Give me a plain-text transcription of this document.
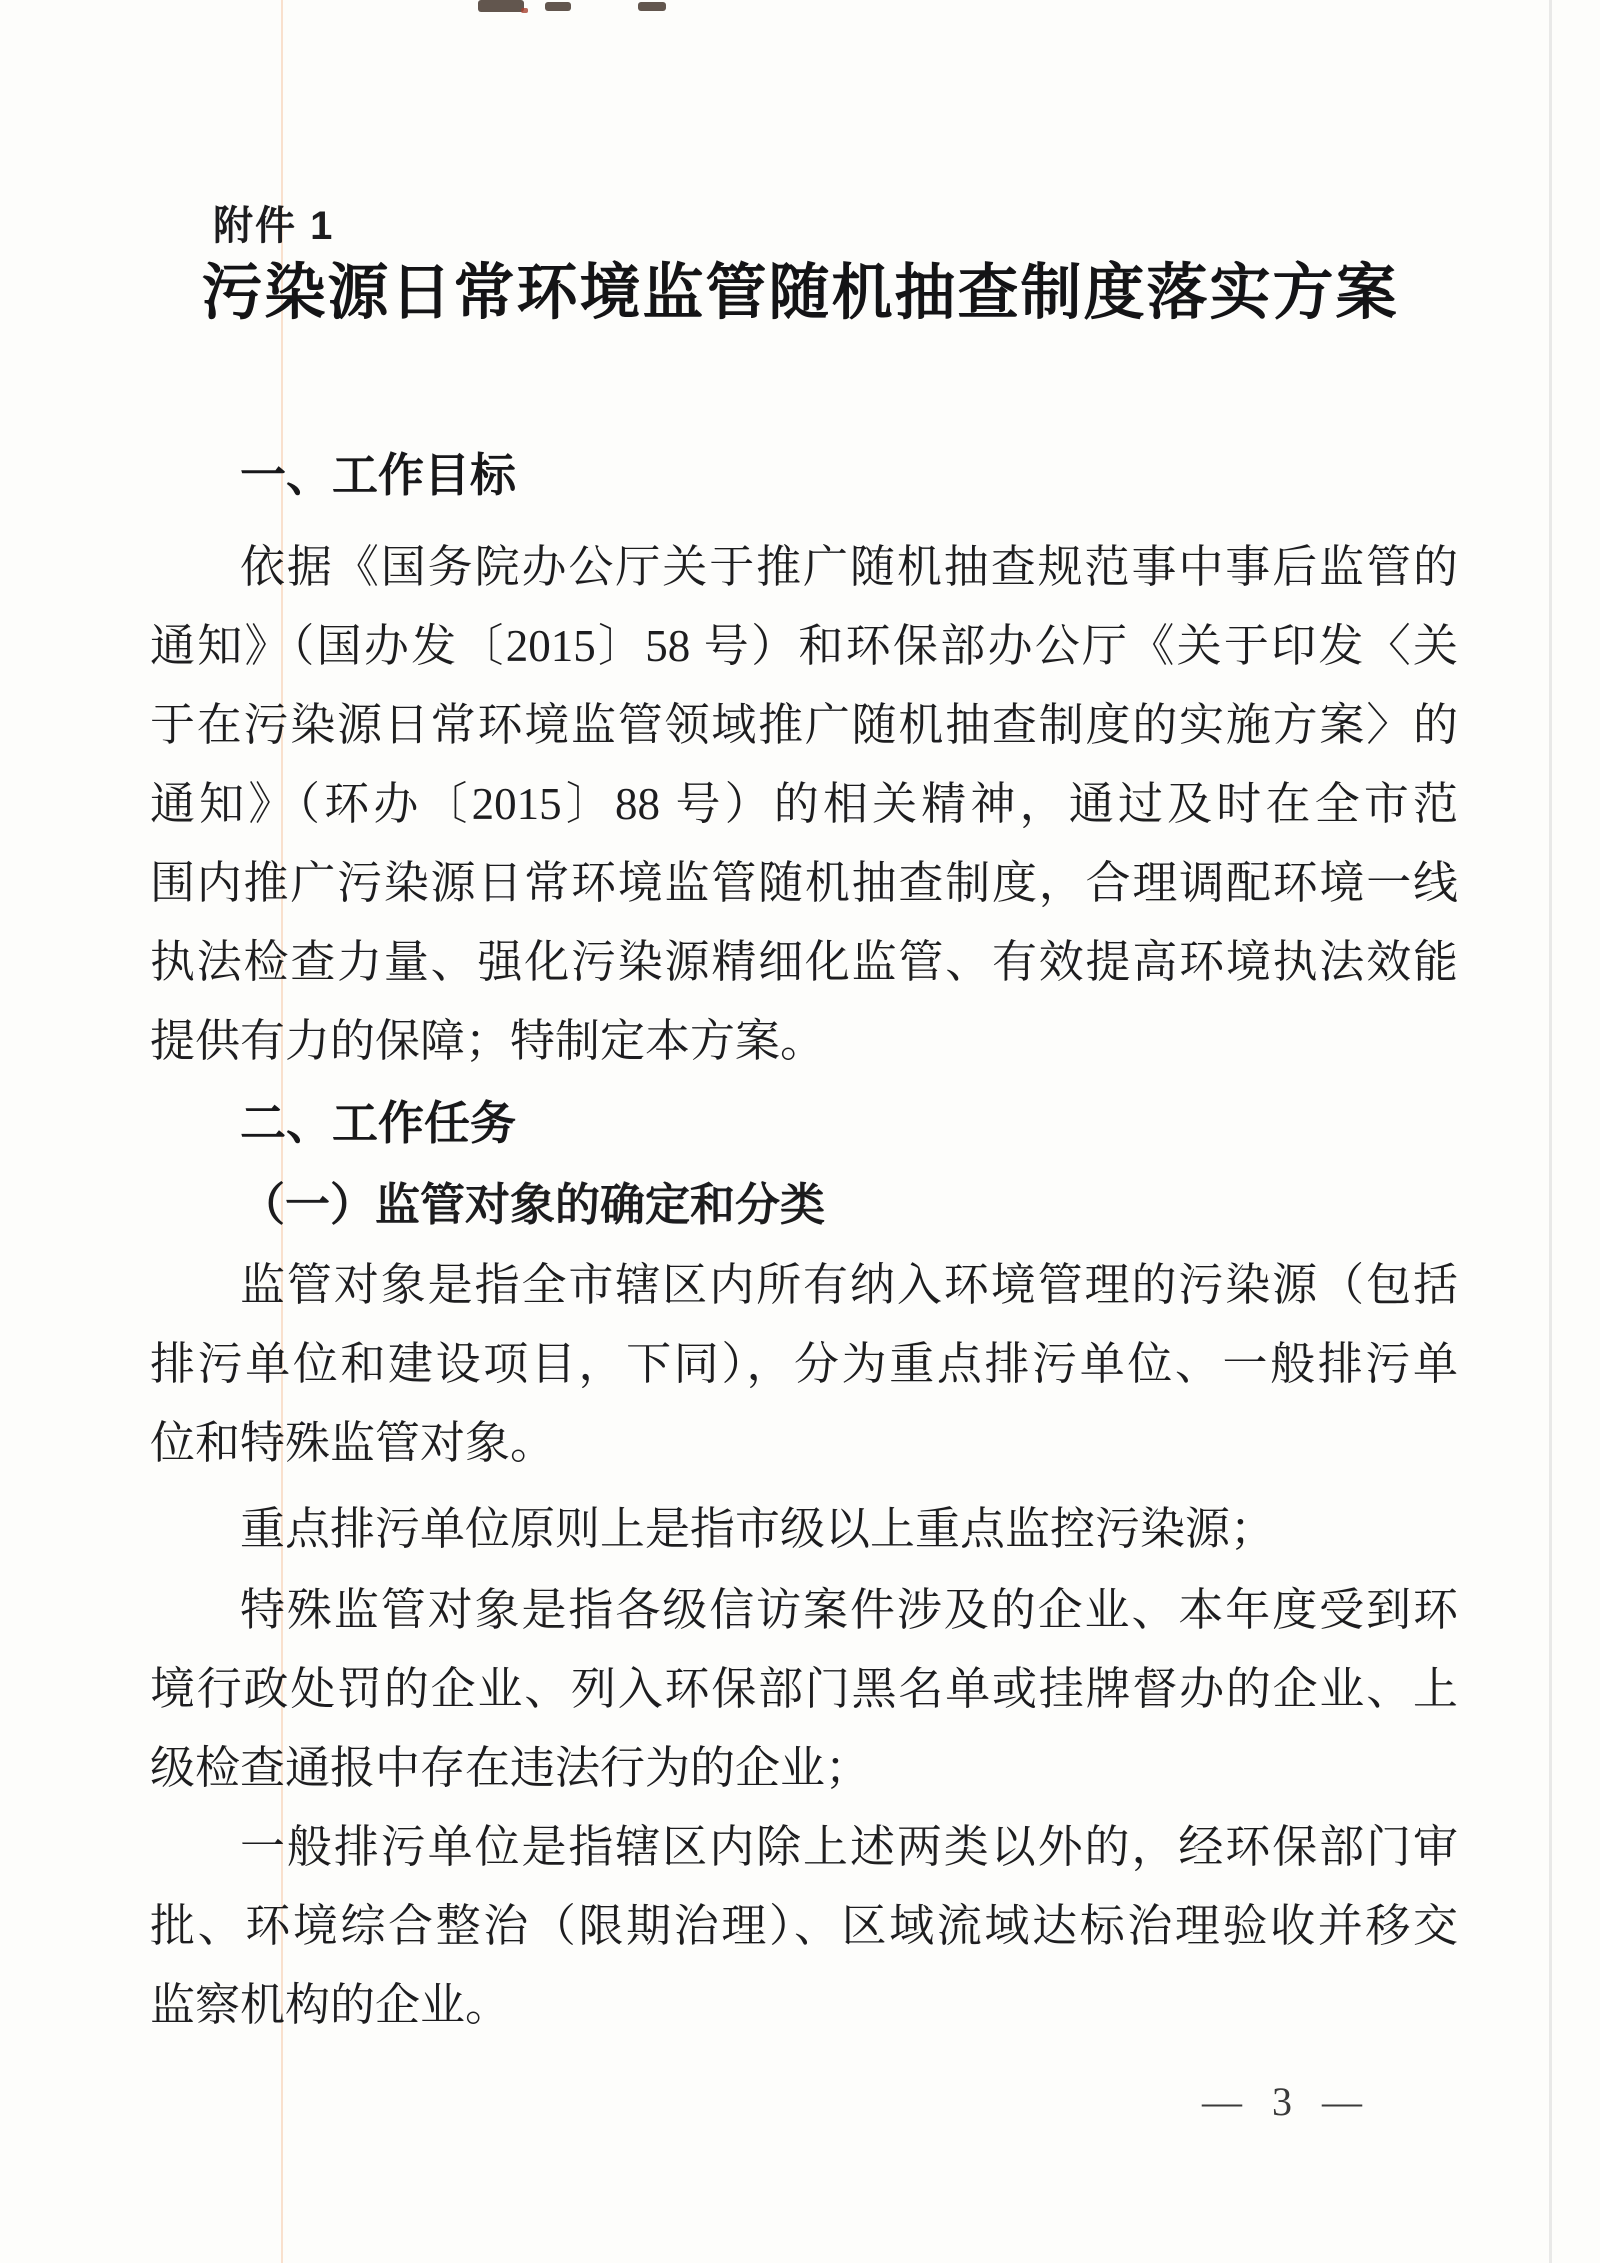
附件 1
污染源日常环境监管随机抽查制度落实方案
一、工作目标
依据《国务院办公厅关于推广随机抽查规范事中事后监管的
通知》（国办发〔2015〕58 号）和环保部办公厅《关于印发〈关
于在污染源日常环境监管领域推广随机抽查制度的实施方案〉的
通知》（环办〔2015〕88 号）的相关精神，通过及时在全市范
围内推广污染源日常环境监管随机抽查制度，合理调配环境一线
执法检查力量、强化污染源精细化监管、有效提高环境执法效能
提供有力的保障；特制定本方案。
二、工作任务
（一）监管对象的确定和分类
监管对象是指全市辖区内所有纳入环境管理的污染源（包括
排污单位和建设项目，下同），分为重点排污单位、一般排污单
位和特殊监管对象。
重点排污单位原则上是指市级以上重点监控污染源；
特殊监管对象是指各级信访案件涉及的企业、本年度受到环
境行政处罚的企业、列入环保部门黑名单或挂牌督办的企业、上
级检查通报中存在违法行为的企业；
一般排污单位是指辖区内除上述两类以外的，经环保部门审
批、环境综合整治（限期治理）、区域流域达标治理验收并移交
监察机构的企业。
— 3 —
